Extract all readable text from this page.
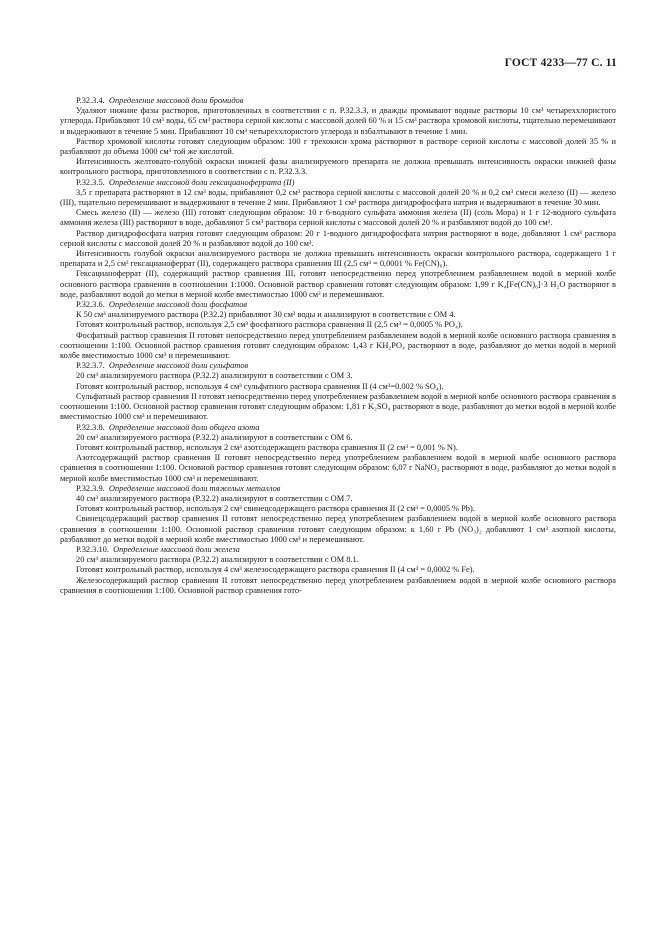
ГОСТ 4233—77 С. 11

Р.32.3.4. Определение массовой доли бромидов

Удаляют нижние фазы растворов, приготовленных в соответствии с п. Р.32.3.3, и дважды промывают водные растворы 10 см³ четыреххлористого углерода. Прибавляют 10 см³ воды, 65 см³ раствора серной кислоты с массовой долей 60 % и 15 см³ раствора хромовой кислоты, тщательно перемешивают и выдерживают в течение 5 мин. Прибавляют 10 см³ четыреххлористого углерода и взбалтывают в течение 1 мин.

Раствор хромовой кислоты готовят следующим образом: 100 г трехокиси хрома растворяют в растворе серной кислоты с массовой долей 35 % и разбавляют до объема 1000 см³ той же кислотой.

Интенсивность желтовато-голубой окраски нижней фазы анализируемого препарата не должна превышать интенсивность окраски нижней фазы контрольного раствора, приготовленного в соответствии с п. Р.32.3.3.

Р.32.3.5. Определение массовой доли гексацианоферрата (II)

3,5 г препарата растворяют в 12 см³ воды, прибавляют 0,2 см³ раствора серной кислоты с массовой долей 20 % и 0,2 см³ смеси железо (II) — железо (III), тщательно перемешивают и выдерживают в течение 2 мин. Прибавляют 1 см³ раствора дигидрофосфата натрия и выдерживают в течение 30 мин.

Смесь железо (II) — железо (III) готовят следующим образом: 10 г 6-водного сульфата аммония железа (II) (соль Мора) и 1 г 12-водного сульфата аммония железа (III) растворяют в воде, добавляют 5 см³ раствора серной кислоты с массовой долей 20 % и разбавляют водой до 100 см³.

Раствор дигидрофосфата натрия готовят следующим образом: 20 г 1-водного дигидрофосфата натрия растворяют в воде, добавляют 1 см³ раствора серной кислоты с массовой долей 20 % и разбавляют водой до 100 см³.

Интенсивность голубой окраски анализируемого раствора не должна превышать интенсивность окраски контрольного раствора, содержащего 1 г препарата и 2,5 см³ гексацианоферрат (II), содержащего раствора сравнения III (2,5 см³ = 0,0001 % Fe(CN)₆).

Гексацианоферрат (II), содержащий раствор сравнения III, готовят непосредственно перед употреблением разбавлением водой в мерной колбе основного раствора сравнения в соотношении 1:1000. Основной раствор сравнения готовят следующим образом: 1,99 г K₄[Fe(CN)₆]·3 H₂O растворяют в воде, разбавляют водой до метки в мерной колбе вместимостью 1000 см³ и перемешивают.

Р.32.3.6. Определение массовой доли фосфатов

К 50 см³ анализируемого раствора (Р.32.2) прибавляют 30 см³ воды и анализируют в соответствии с ОМ 4.

Готовят контрольный раствор, используя 2,5 см³ фосфатного раствора сравнения II (2,5 см³ = 0,0005 % PO₄).

Фосфатный раствор сравнения II готовят непосредственно перед употреблением разбавлением водой в мерной колбе основного раствора сравнения в соотношении 1:100. Основной раствор сравнения готовят следующим образом: 1,43 г KH₂PO₄ растворяют в воде, разбавляют до метки водой в мерной колбе вместимостью 1000 см³ и перемешивают.

Р.32.3.7. Определение массовой доли сульфатов

20 см³ анализируемого раствора (Р.32.2) анализируют в соответствии с ОМ 3.

Готовят контрольный раствор, используя 4 см³ сульфатного раствора сравнения II (4 см³=0.002 % SO₄).

Сульфатный раствор сравнения II готовят непосредственно перед употреблением разбавлением водой в мерной колбе основного раствора сравнения в соотношении 1:100. Основной раствор сравнения готовят следующим образом: 1,81 г K₂SO₄ растворяют в воде, разбавляют до метки водой в мерной колбе вместимостью 1000 см³ и перемешивают.

Р.32.3.8. Определение массовой доли общего азота

20 см³ анализируемого раствора (Р.32.2) анализируют в соответствии с ОМ 6.

Готовят контрольный раствор, используя 2 см³ азотсодержащего раствора сравнения II (2 см³ = 0,001 % N).

Азотсодержащий раствор сравнения II готовят непосредственно перед употреблением разбавлением водой в мерной колбе основного раствора сравнения в соотношении 1:100. Основной раствор сравнения готовят следующим образом: 6,07 г NaNO₃ растворяют в воде, разбавляют до метки водой в мерной колбе вместимостью 1000 см³ и перемешивают.

Р.32.3.9. Определение массовой доли тяжелых металлов

40 см³ анализируемого раствора (Р.32.2) анализируют в соответствии с ОМ 7.

Готовят контрольный раствор, используя 2 см³ свинецсодержащего раствора сравнения II (2 см³ = 0,0005 % Pb).

Свинецсодержащий раствор сравнения II готовят непосредственно перед употреблением разбавлением водой в мерной колбе основного раствора сравнения в соотношении 1:100. Основной раствор сравнения готовят следующим образом: к 1,60 г Pb (NO₃)₂ добавляют 1 см³ азотной кислоты, разбавляют до метки водой в мерной колбе вместимостью 1000 см³ и перемешивают.

Р.32.3.10. Определение массовой доли железа

20 см³ анализируемого раствора (Р.32.2) анализируют в соответствии с ОМ 8.1.

Готовят контрольный раствор, используя 4 см³ железосодержащего раствора сравнения II (4 см³ = 0,0002 % Fe).

Железосодержащий раствор сравнения II готовят непосредственно перед употреблением разбавлением водой в мерной колбе основного раствора сравнения в соотношении 1:100. Основной раствор сравнения гото-
